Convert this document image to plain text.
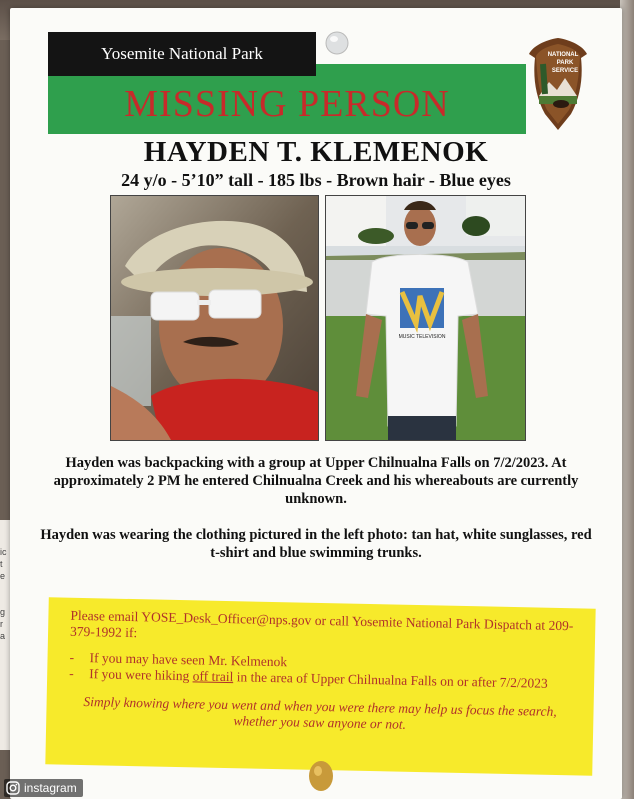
ic
t
e

g
r
a
Yosemite National Park
MISSING PERSON
NATIONAL
PARK
SERVICE
HAYDEN T. KLEMENOK
24 y/o - 5’10” tall - 185 lbs - Brown hair - Blue eyes
MUSIC TELEVISION
Hayden was backpacking with a group at Upper Chilnualna Falls on 7/2/2023. At approximately 2 PM he entered Chilnualna Creek and his whereabouts are currently unknown.
Hayden was wearing the clothing pictured in the left photo: tan hat, white sunglasses, red t-shirt and blue swimming trunks.
Please email YOSE_Desk_Officer@nps.gov or call Yosemite National Park Dispatch at 209-379-1992 if:
- If you may have seen Mr. Kelmenok
- If you were hiking off trail in the area of Upper Chilnualna Falls on or after 7/2/2023
Simply knowing where you went and when you were there may help us focus the search, whether you saw anyone or not.
instagram
